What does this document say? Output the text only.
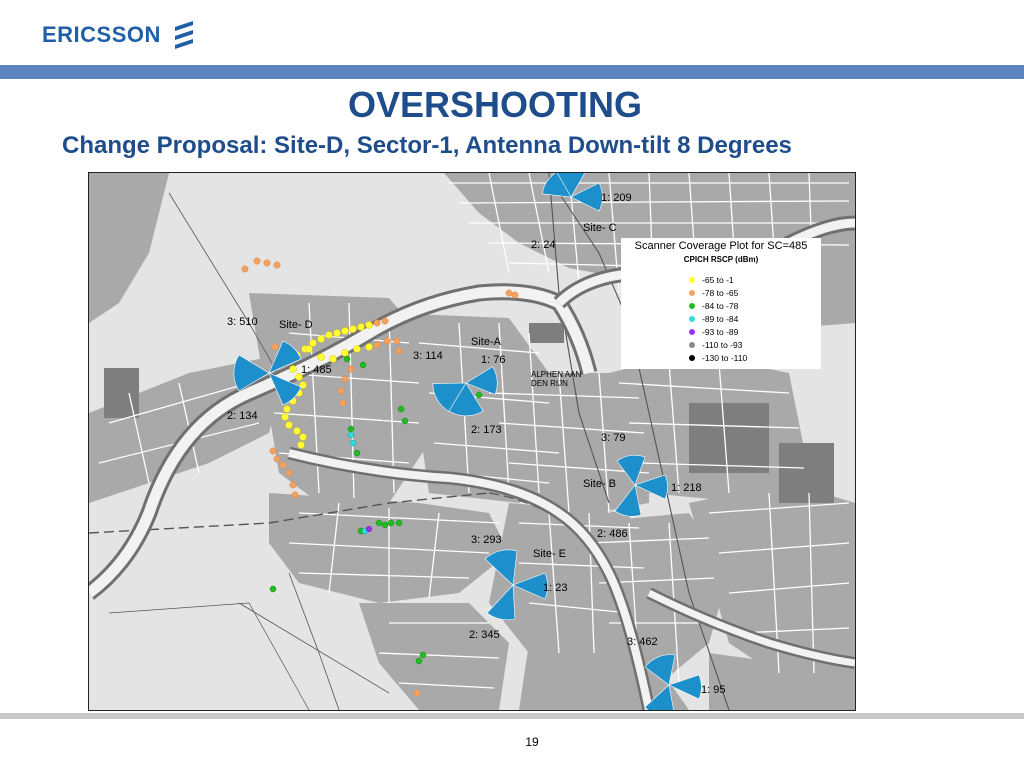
ERICSSON
OVERSHOOTING
Change Proposal: Site-D, Sector-1, Antenna Down-tilt 8 Degrees
Site- D
Site-A
Site- C
Site- B
Site- E
3: 510
1: 485
2: 134
3: 114	1: 76
2: 173
1: 209
2: 24
3: 79
1: 218
2: 486
3: 293
1: 23
2: 345
3: 462
1: 95
ALPHEN AAN
DEN RIJN
Scanner Coverage Plot for SC=485
CPICH RSCP (dBm)
-65 to -1
-78 to -65
-84 to -78
-89 to -84
-93 to -89
-110 to -93
-130 to -110
19
